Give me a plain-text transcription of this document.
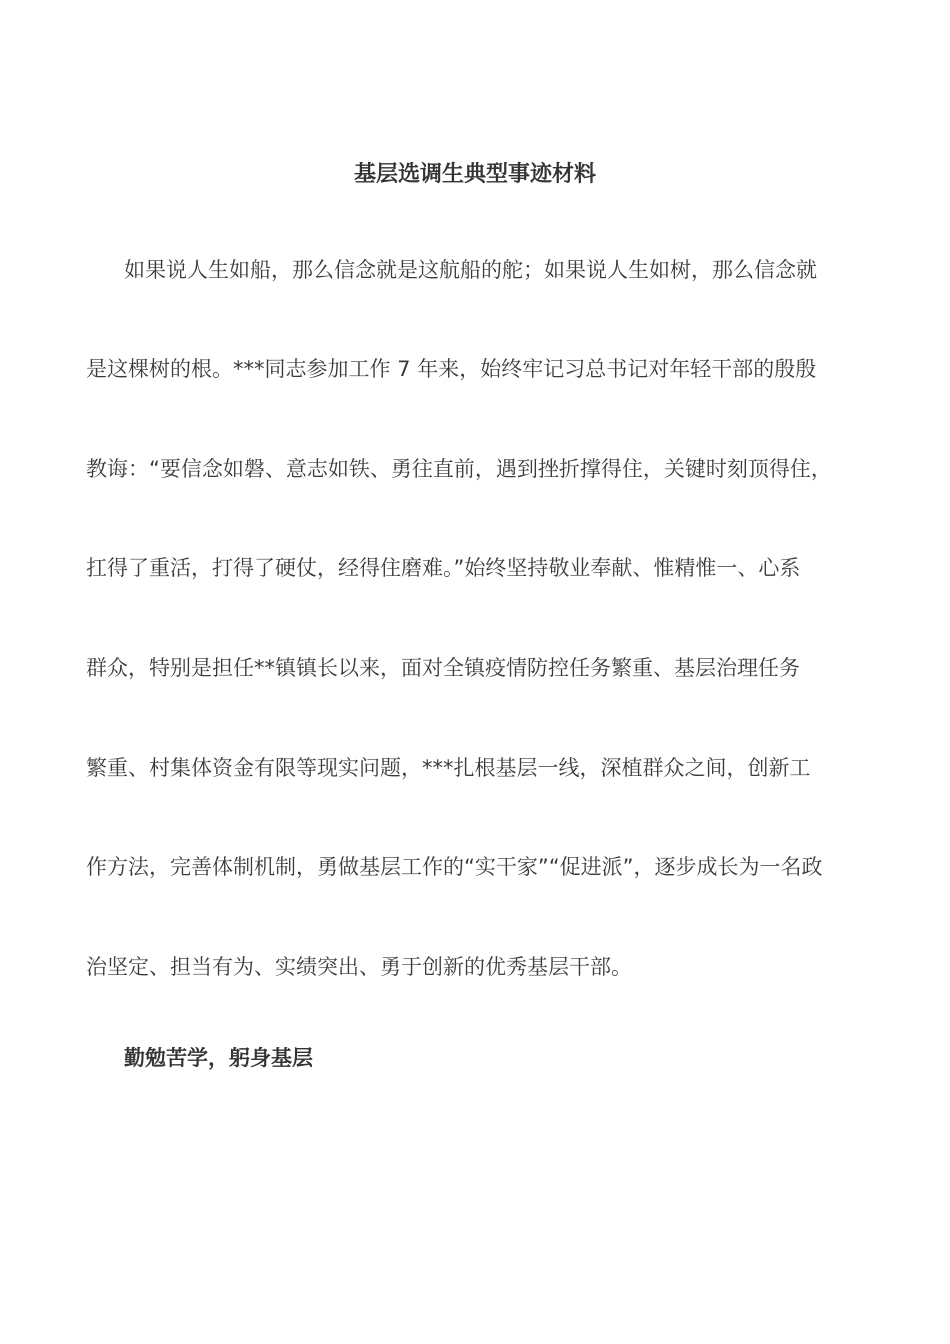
基层选调生典型事迹材料
如果说人生如船，那么信念就是这航船的舵；如果说人生如树，那么信念就
是这棵树的根。***同志参加工作 7 年来，始终牢记习总书记对年轻干部的殷殷
教诲：“要信念如磐、意志如铁、勇往直前，遇到挫折撑得住，关键时刻顶得住，
扛得了重活，打得了硬仗，经得住磨难。”始终坚持敬业奉献、惟精惟一、心系
群众，特别是担任**镇镇长以来，面对全镇疫情防控任务繁重、基层治理任务
繁重、村集体资金有限等现实问题，***扎根基层一线，深植群众之间，创新工
作方法，完善体制机制，勇做基层工作的“实干家”“促进派”，逐步成长为一名政
治坚定、担当有为、实绩突出、勇于创新的优秀基层干部。
勤勉苦学，躬身基层
